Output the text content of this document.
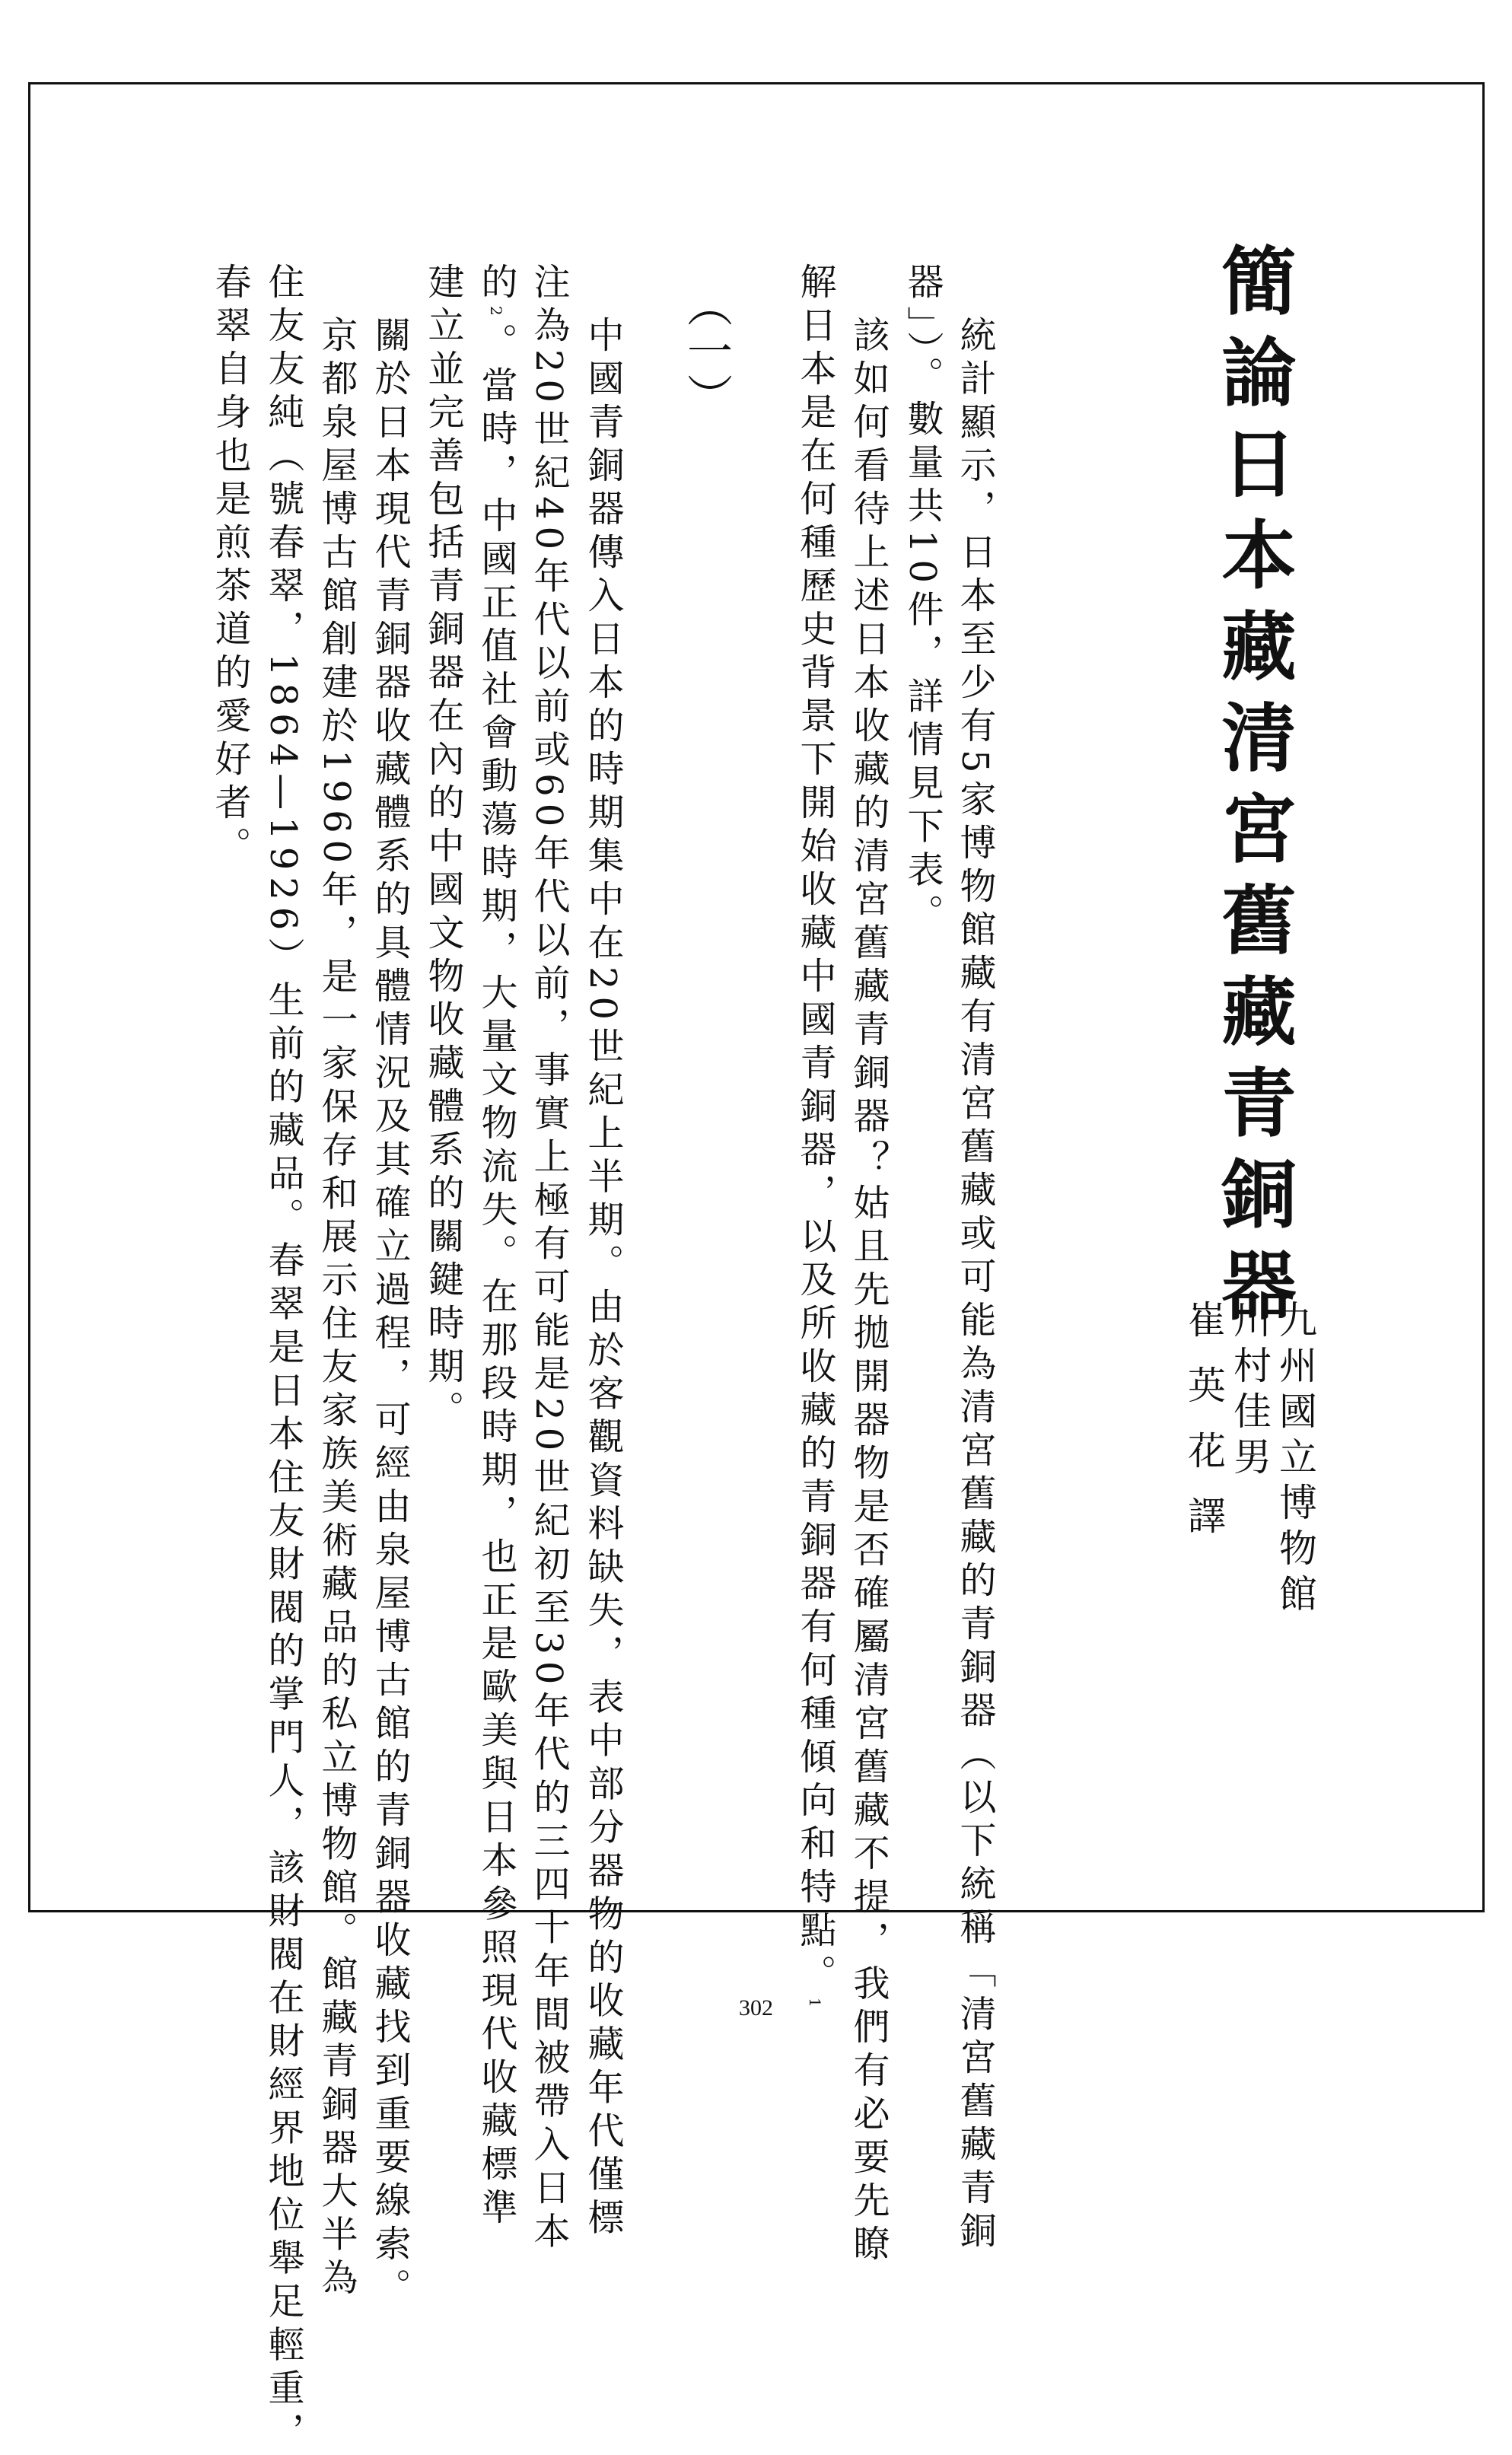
簡論日本藏清宮舊藏青銅器
九州國立博物館
川村佳男
崔 英 花 譯
統計顯示，日本至少有5家博物館藏有清宮舊藏或可能為清宮舊藏的青銅器（以下統稱「清宮舊藏青銅
器」）。數量共10件，詳情見下表。
該如何看待上述日本收藏的清宮舊藏青銅器？姑且先拋開器物是否確屬清宮舊藏不提，我們有必要先瞭
解日本是在何種歷史背景下開始收藏中國青銅器，以及所收藏的青銅器有何種傾向和特點。1
（一）
中國青銅器傳入日本的時期集中在20世紀上半期。由於客觀資料缺失，表中部分器物的收藏年代僅標
注為20世紀40年代以前或60年代以前，事實上極有可能是20世紀初至30年代的三四十年間被帶入日本
的2。當時，中國正值社會動蕩時期，大量文物流失。在那段時期，也正是歐美與日本參照現代收藏標準
建立並完善包括青銅器在內的中國文物收藏體系的關鍵時期。
關於日本現代青銅器收藏體系的具體情況及其確立過程，可經由泉屋博古館的青銅器收藏找到重要線索。
京都泉屋博古館創建於1960年，是一家保存和展示住友家族美術藏品的私立博物館。館藏青銅器大半為
住友友純（號春翠，1864—1926）生前的藏品。春翠是日本住友財閥的掌門人，該財閥在財經界地位舉足輕重，
春翠自身也是煎茶道的愛好者。
302
